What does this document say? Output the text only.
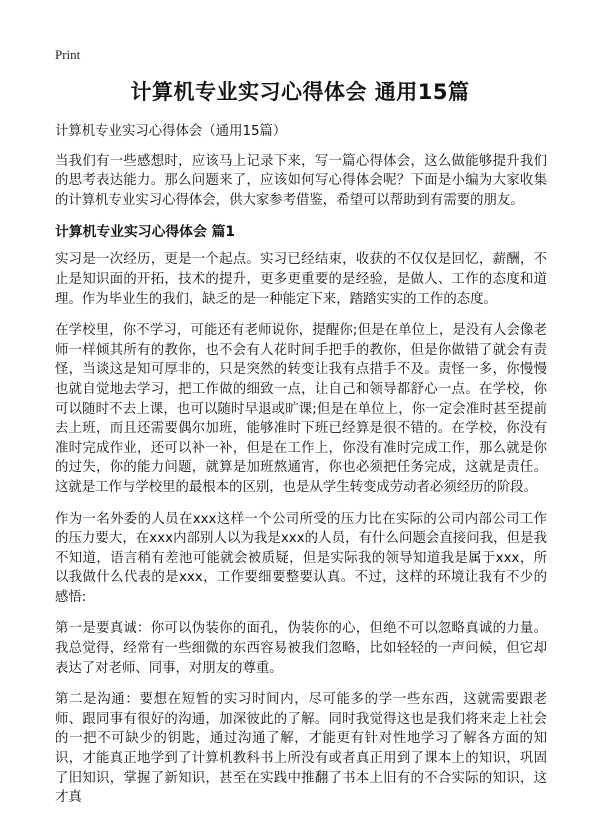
Print
计算机专业实习心得体会 通用15篇

计算机专业实习心得体会（通用15篇）

当我们有一些感想时，应该马上记录下来，写一篇心得体会，这么做能够提升我们的思考表达能力。那么问题来了，应该如何写心得体会呢？下面是小编为大家收集的计算机专业实习心得体会，供大家参考借鉴，希望可以帮助到有需要的朋友。

计算机专业实习心得体会 篇1

实习是一次经历，更是一个起点。实习已经结束，收获的不仅仅是回忆，薪酬，不止是知识面的开拓，技术的提升，更多更重要的是经验，是做人、工作的态度和道理。作为毕业生的我们，缺乏的是一种能定下来，踏踏实实的工作的态度。

在学校里，你不学习，可能还有老师说你，提醒你;但是在单位上，是没有人会像老师一样倾其所有的教你，也不会有人花时间手把手的教你，但是你做错了就会有责怪，当谈这是知可厚非的，只是突然的转变让我有点措手不及。责怪一多，你慢慢也就自觉地去学习，把工作做的细致一点，让自己和领导都舒心一点。在学校，你可以随时不去上课，也可以随时早退或旷课;但是在单位上，你一定会准时甚至提前去上班，而且还需要偶尔加班，能够准时下班已经算是很不错的。在学校，你没有准时完成作业，还可以补一补，但是在工作上，你没有准时完成工作，那么就是你的过失，你的能力问题，就算是加班熬通宵，你也必须把任务完成，这就是责任。这就是工作与学校里的最根本的区别，也是从学生转变成劳动者必须经历的阶段。

作为一名外委的人员在xxx这样一个公司所受的压力比在实际的公司内部公司工作的压力要大，在xxx内部别人以为我是xxx的人员，有什么问题会直接问我，但是我不知道，语言稍有差池可能就会被质疑，但是实际我的领导知道我是属于xxx，所以我做什么代表的是xxx，工作要细要整要认真。不过，这样的环境让我有不少的感悟:

第一是要真诚：你可以伪装你的面孔，伪装你的心，但绝不可以忽略真诚的力量。我总觉得，经常有一些细微的东西容易被我们忽略，比如轻轻的一声问候，但它却表达了对老师、同事，对朋友的尊重。

第二是沟通：要想在短暂的实习时间内，尽可能多的学一些东西，这就需要跟老师、跟同事有很好的沟通，加深彼此的了解。同时我觉得这也是我们将来走上社会的一把不可缺少的钥匙，通过沟通了解，才能更有针对性地学习了解各方面的知识，才能真正地学到了计算机教科书上所没有或者真正用到了课本上的知识，巩固了旧知识，掌握了新知识，甚至在实践中推翻了书本上旧有的不合实际的知识，这才真
